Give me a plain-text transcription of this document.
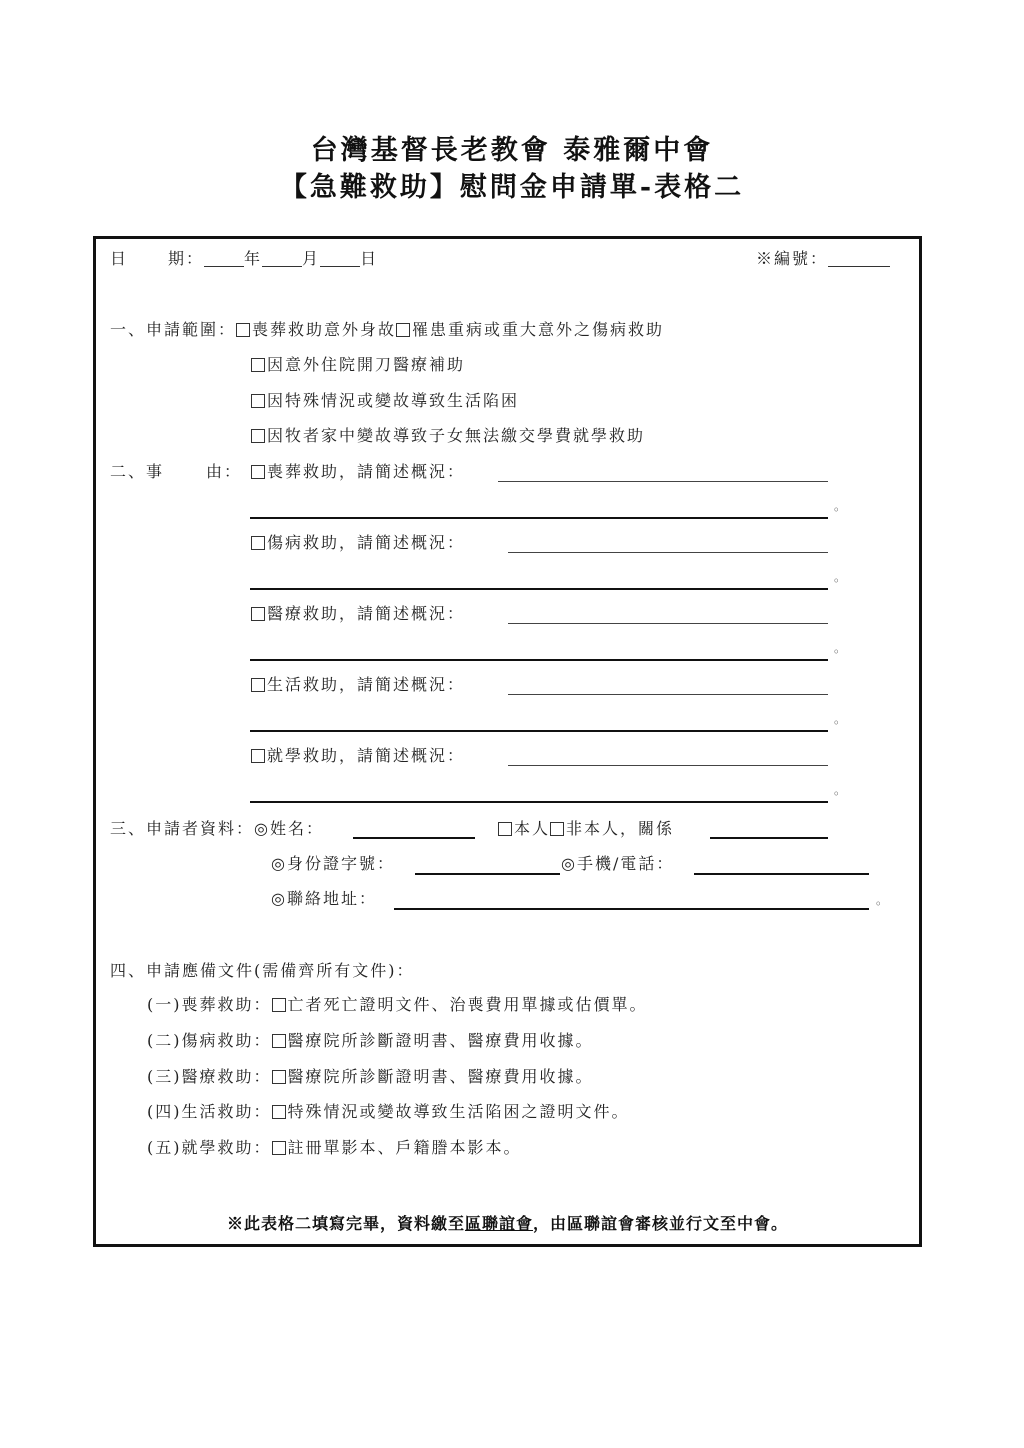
台灣基督長老教會 泰雅爾中會
【急難救助】慰問金申請單-表格二
日	期：	年	月	日	※編號：
一、申請範圍： 喪葬救助意外身故 罹患重病或重大意外之傷病救助
因意外住院開刀醫療補助
因特殊情況或變故導致生活陷困
因牧者家中變故導致子女無法繳交學費就學救助
二、事	由：	喪葬救助，請簡述概況：
。
傷病救助，請簡述概況：
。
醫療救助，請簡述概況：
。
生活救助，請簡述概況：
。
就學救助，請簡述概況：
。
三、申請者資料：◎姓名：	本人 非本人，關係
◎身份證字號：	◎手機/電話：
◎聯絡地址：	。
四、申請應備文件(需備齊所有文件)：
(一)喪葬救助： 亡者死亡證明文件、治喪費用單據或估價單。
(二)傷病救助： 醫療院所診斷證明書、醫療費用收據。
(三)醫療救助： 醫療院所診斷證明書、醫療費用收據。
(四)生活救助： 特殊情況或變故導致生活陷困之證明文件。
(五)就學救助： 註冊單影本、戶籍謄本影本。
※此表格二填寫完畢，資料繳至區聯誼會，由區聯誼會審核並行文至中會。
